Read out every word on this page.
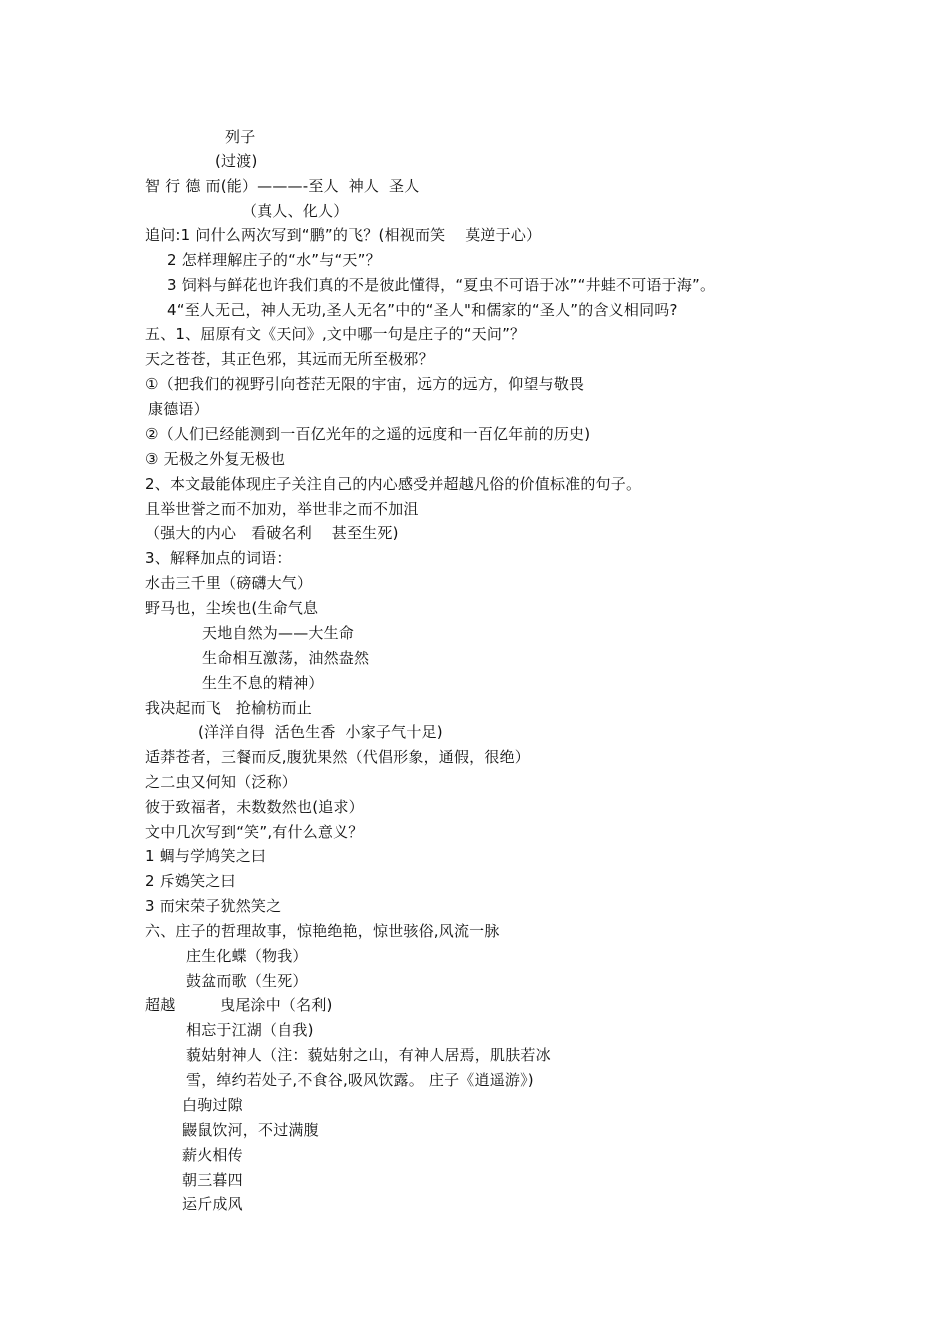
列子
(过渡)
智 行 德 而(能）———-至人  神人  圣人
（真人、化人）
追问:1 问什么两次写到“鹏”的飞？(相视而笑    莫逆于心）
2 怎样理解庄子的“水”与“天”？
3 饲料与鲜花也许我们真的不是彼此懂得，“夏虫不可语于冰”“井蛙不可语于海”。
4“至人无己，神人无功,圣人无名”中的“圣人"和儒家的“圣人”的含义相同吗?
五、1、屈原有文《天问》,文中哪一句是庄子的“天问”？
天之苍苍，其正色邪，其远而无所至极邪？
①（把我们的视野引向苍茫无限的宇宙，远方的远方，仰望与敬畏
康德语）
②（人们已经能测到一百亿光年的之遥的远度和一百亿年前的历史)
③ 无极之外复无极也
2、本文最能体现庄子关注自己的内心感受并超越凡俗的价值标准的句子。
且举世誉之而不加劝，举世非之而不加沮
（强大的内心   看破名利    甚至生死)
3、解释加点的词语：
水击三千里（磅礴大气）
野马也，尘埃也(生命气息
天地自然为——大生命
生命相互激荡，油然盎然
生生不息的精神）
我决起而飞   抢榆枋而止
(洋洋自得  活色生香  小家子气十足)
适莽苍者，三餐而反,腹犹果然（代倡形象，通假，很绝）
之二虫又何知（泛称）
彼于致福者，未数数然也(追求）
文中几次写到“笑”,有什么意义？
1 蜩与学鸠笑之曰
2 斥鴳笑之曰
3 而宋荣子犹然笑之
六、庄子的哲理故事，惊艳绝艳，惊世骇俗,风流一脉
庄生化蝶（物我）
鼓盆而歌（生死）
超越         曳尾涂中（名利)
相忘于江湖（自我)
藐姑射神人（注：藐姑射之山，有神人居焉，肌肤若冰
雪，绰约若处子,不食谷,吸风饮露。 庄子《逍遥游》)
白驹过隙
鼹鼠饮河，不过满腹
薪火相传
朝三暮四
运斤成风
